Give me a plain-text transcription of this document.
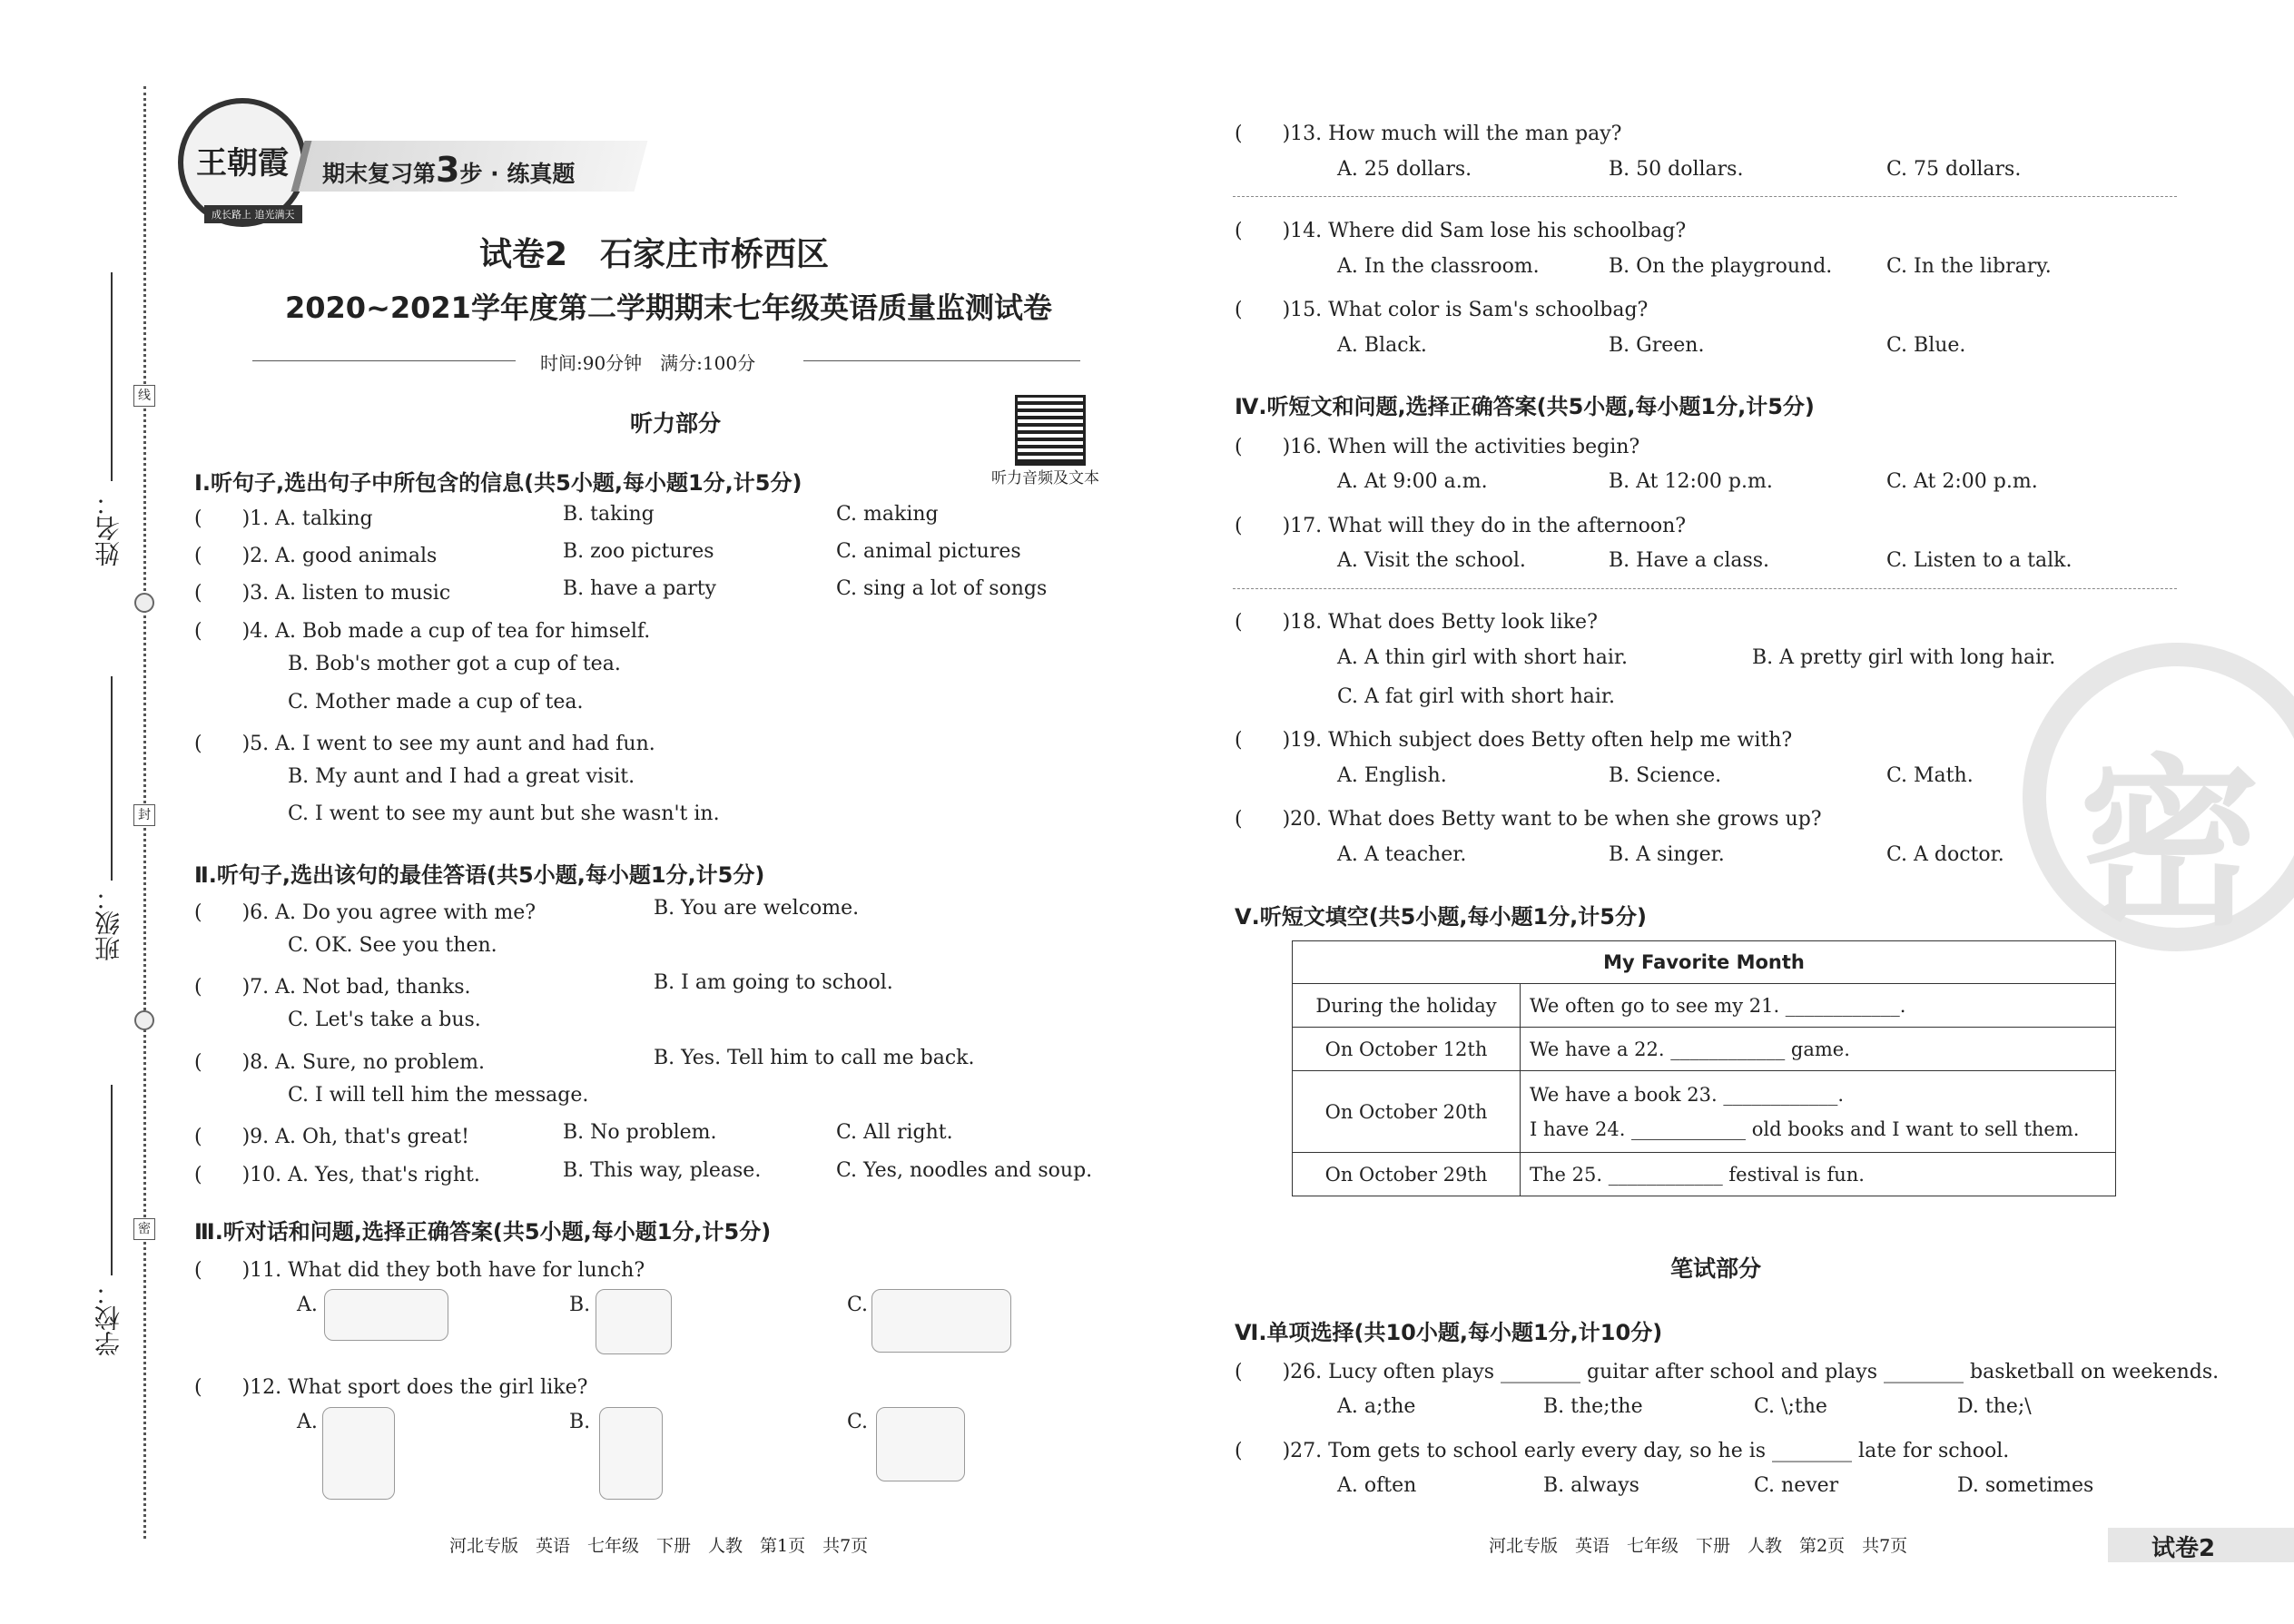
线
封
密
姓名：
班级：
学校：
王朝霞
成长路上 追光满天
期末复习第3步 · 练真题
试卷2　石家庄市桥西区
2020~2021学年度第二学期期末七年级英语质量监测试卷
时间:90分钟　满分:100分
听力部分
听力音频及文本
Ⅰ.听句子,选出句子中所包含的信息(共5小题,每小题1分,计5分)
(　　)1. A. talking	B. taking	C. making
(　　)2. A. good animals	B. zoo pictures	C. animal pictures
(　　)3. A. listen to music	B. have a party	C. sing a lot of songs
(　　)4. A. Bob made a cup of tea for himself.
B. Bob's mother got a cup of tea.
C. Mother made a cup of tea.
(　　)5. A. I went to see my aunt and had fun.
B. My aunt and I had a great visit.
C. I went to see my aunt but she wasn't in.
Ⅱ.听句子,选出该句的最佳答语(共5小题,每小题1分,计5分)
(　　)6. A. Do you agree with me?	B. You are welcome.
C. OK. See you then.
(　　)7. A. Not bad, thanks.	B. I am going to school.
C. Let's take a bus.
(　　)8. A. Sure, no problem.	B. Yes. Tell him to call me back.
C. I will tell him the message.
(　　)9. A. Oh, that's great!	B. No problem.	C. All right.
(　　)10. A. Yes, that's right.	B. This way, please.	C. Yes, noodles and soup.
Ⅲ.听对话和问题,选择正确答案(共5小题,每小题1分,计5分)
(　　)11. What did they both have for lunch?
A.	B.	C.
(　　)12. What sport does the girl like?
A.	B.	C.
河北专版　英语　七年级　下册　人教　第1页　共7页
密
(　　)13. How much will the man pay?
A. 25 dollars.	B. 50 dollars.	C. 75 dollars.
(　　)14. Where did Sam lose his schoolbag?
A. In the classroom.	B. On the playground.	C. In the library.
(　　)15. What color is Sam's schoolbag?
A. Black.	B. Green.	C. Blue.
Ⅳ.听短文和问题,选择正确答案(共5小题,每小题1分,计5分)
(　　)16. When will the activities begin?
A. At 9:00 a.m.	B. At 12:00 p.m.	C. At 2:00 p.m.
(　　)17. What will they do in the afternoon?
A. Visit the school.	B. Have a class.	C. Listen to a talk.
(　　)18. What does Betty look like?
A. A thin girl with short hair.	B. A pretty girl with long hair.
C. A fat girl with short hair.
(　　)19. Which subject does Betty often help me with?
A. English.	B. Science.	C. Math.
(　　)20. What does Betty want to be when she grows up?
A. A teacher.	B. A singer.	C. A doctor.
Ⅴ.听短文填空(共5小题,每小题1分,计5分)
My Favorite Month	
During the holiday	We often go to see my 21. ____________.
On October 12th	We have a 22. ____________ game.
On October 20th	We have a book 23. ____________.
I have 24. ____________ old books and I want to sell them.

On October 29th	The 25. ____________ festival is fun.
笔试部分
Ⅵ.单项选择(共10小题,每小题1分,计10分)
(　　)26. Lucy often plays ________ guitar after school and plays ________ basketball on weekends.
A. a;the	B. the;the	C. \;the	D. the;\
(　　)27. Tom gets to school early every day, so he is ________ late for school.
A. often	B. always	C. never	D. sometimes
河北专版　英语　七年级　下册　人教　第2页　共7页	试卷2
